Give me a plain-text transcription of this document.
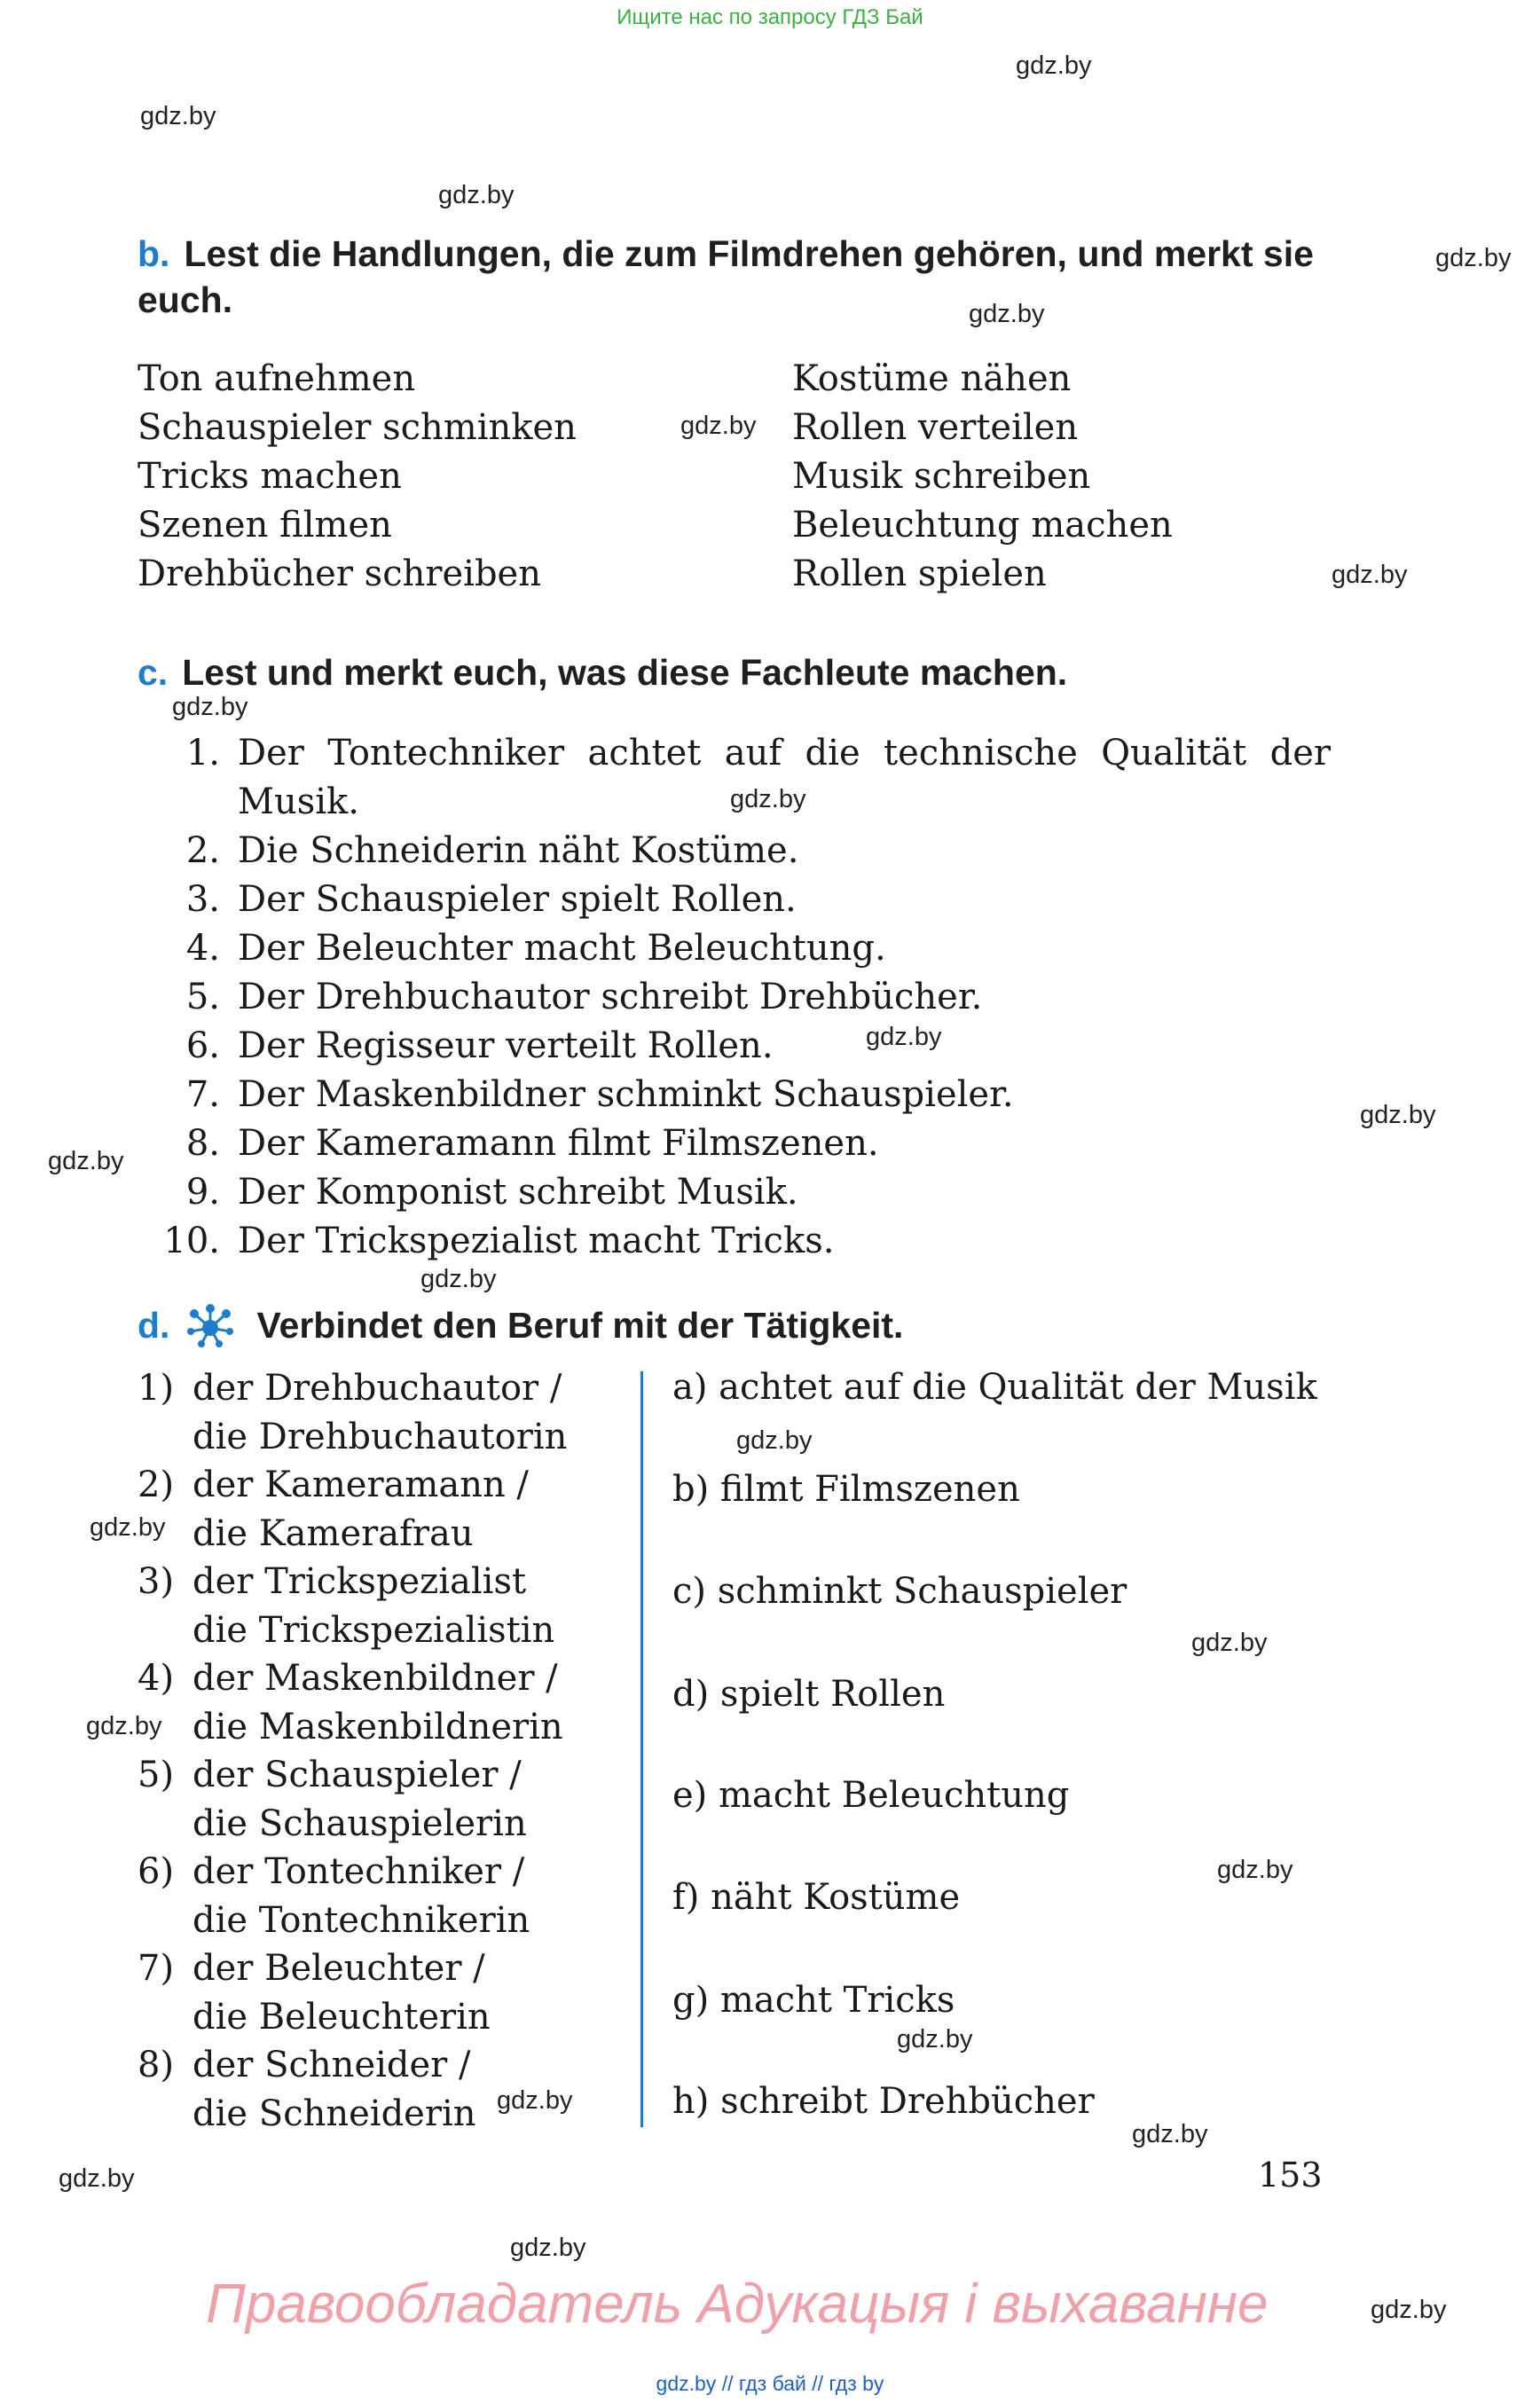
Ищите нас по запросу ГДЗ Бай
gdz.by
gdz.by
gdz.by
gdz.by
gdz.by
gdz.by
gdz.by
gdz.by
gdz.by
gdz.by
gdz.by
gdz.by
gdz.by
gdz.by
gdz.by
gdz.by
gdz.by
gdz.by
gdz.by
gdz.by
gdz.by
gdz.by
gdz.by
gdz.by
b. Lest die Handlungen, die zum Filmdrehen gehören, und merkt sie euch.
Ton aufnehmen
Schauspieler schminken
Tricks machen
Szenen filmen
Drehbücher schreiben
Kostüme nähen
Rollen verteilen
Musik schreiben
Beleuchtung machen
Rollen spielen
c. Lest und merkt euch, was diese Fachleute machen.
1. Der Tontechniker achtet auf die technische Qualität der
Musik.
2. Die Schneiderin näht Kostüme.
3. Der Schauspieler spielt Rollen.
4. Der Beleuchter macht Beleuchtung.
5. Der Drehbuchautor schreibt Drehbücher.
6. Der Regisseur verteilt Rollen.
7. Der Maskenbildner schminkt Schauspieler.
8. Der Kameramann filmt Filmszenen.
9. Der Komponist schreibt Musik.
10. Der Trickspezialist macht Tricks.
d. Verbindet den Beruf mit der Tätigkeit.
1) der Drehbuchautor /
die Drehbuchautorin
2) der Kameramann /
die Kamerafrau
3) der Trickspezialist
die Trickspezialistin
4) der Maskenbildner /
die Maskenbildnerin
5) der Schauspieler /
die Schauspielerin
6) der Tontechniker /
die Tontechnikerin
7) der Beleuchter /
die Beleuchterin
8) der Schneider /
die Schneiderin
a) achtet auf die Qualität der Musik
b) filmt Filmszenen
c) schminkt Schauspieler
d) spielt Rollen
e) macht Beleuchtung
f) näht Kostüme
g) macht Tricks
h) schreibt Drehbücher
153
Правообладатель Адукацыя і выхаванне
gdz.by // гдз бай // гдз by
